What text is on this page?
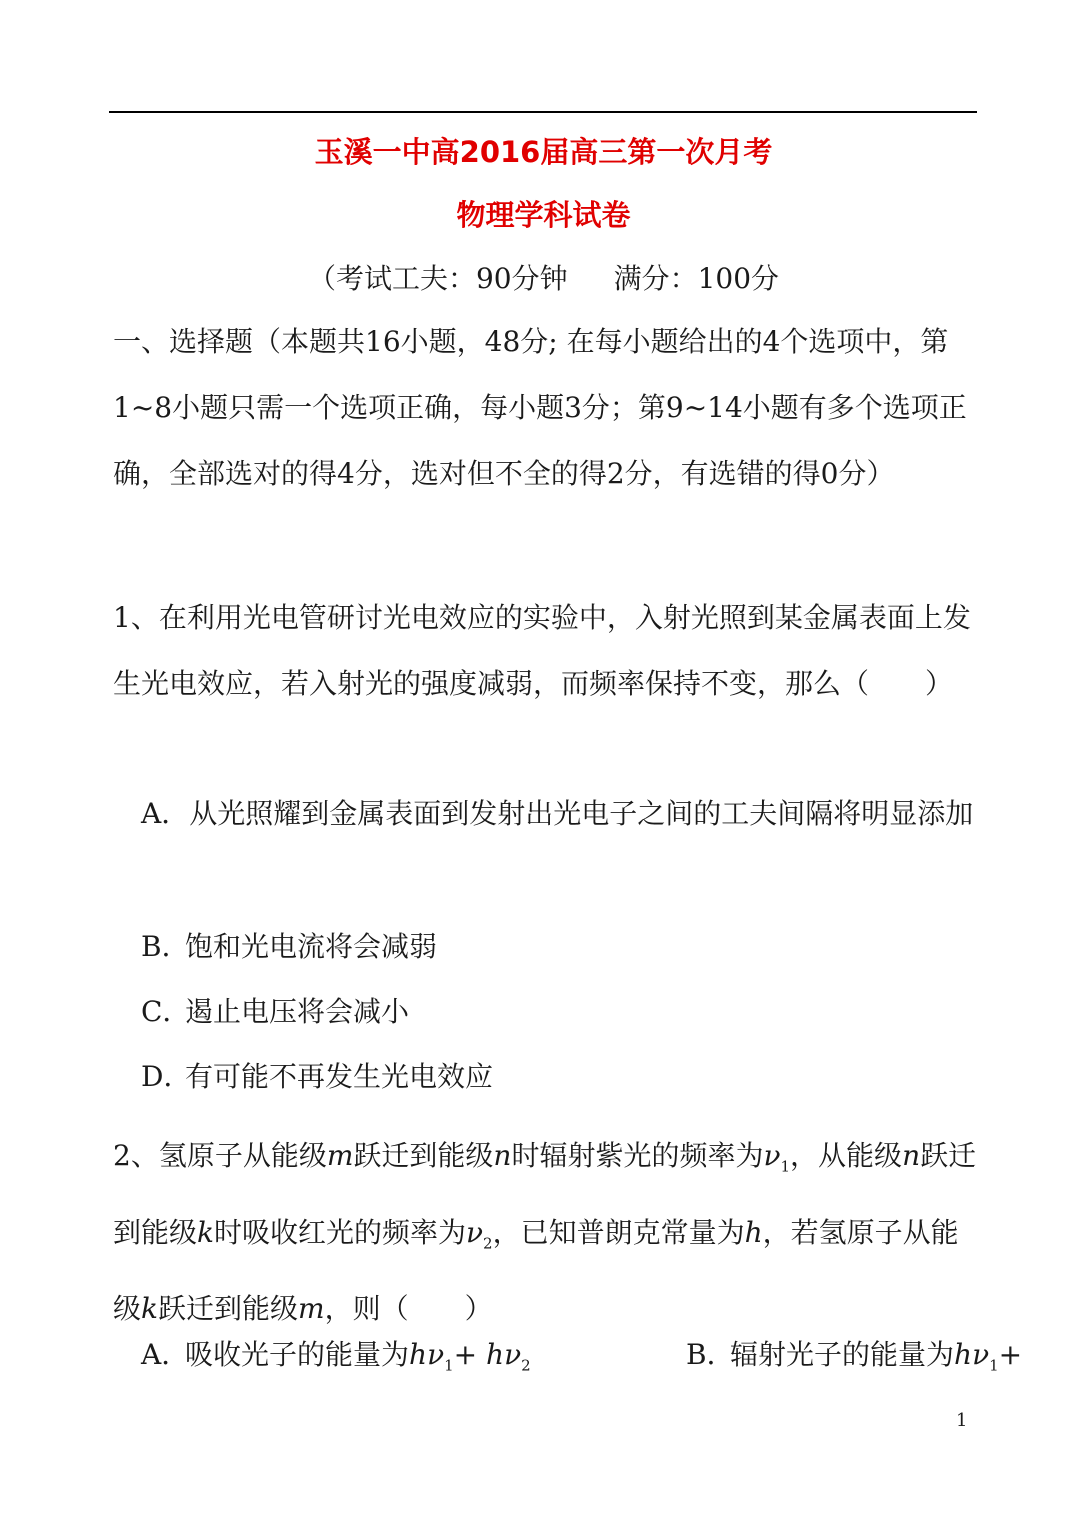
玉溪一中高2016届高三第一次月考
物理学科试卷
（考试工夫：90分钟 满分：100分
一、选择题（本题共16小题，48分; 在每小题给出的4个选项中，第1~8小题只需一个选项正确，每小题3分；第9~14小题有多个选项正确，全部选对的得4分，选对但不全的得2分，有选错的得0分）
1、在利用光电管研讨光电效应的实验中，入射光照到某金属表面上发生光电效应，若入射光的强度减弱，而频率保持不变，那么（　　）
A．从光照耀到金属表面到发射出光电子之间的工夫间隔将明显添加
B．饱和光电流将会减弱
C．遏止电压将会减小
D．有可能不再发生光电效应
2、氢原子从能级m跃迁到能级n时辐射紫光的频率为$\nu_1$，从能级n跃迁到能级k时吸收红光的频率为$\nu_2$，已知普朗克常量为h，若氢原子从能级k跃迁到能级m，则（　　）
A．吸收光子的能量为$h\nu_1+ h\nu_2$	B．辐射光子的能量为$h\nu_1+$
1
